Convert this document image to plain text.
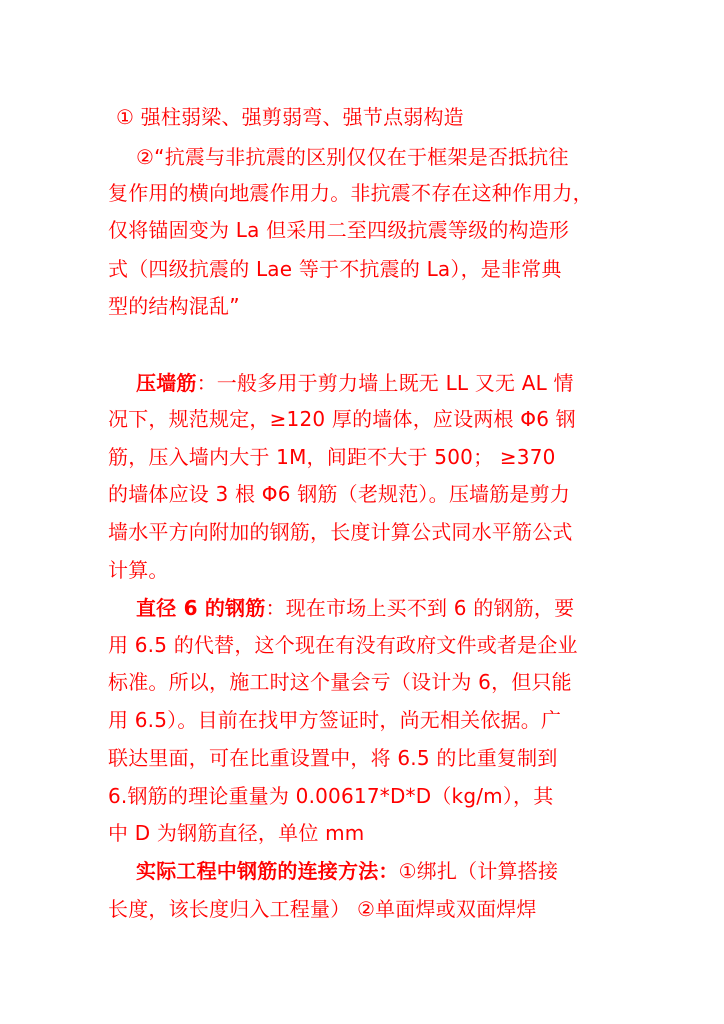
① 强柱弱梁、强剪弱弯、强节点弱构造
②“抗震与非抗震的区别仅仅在于框架是否抵抗往
复作用的横向地震作用力。非抗震不存在这种作用力，
仅将锚固变为 La 但采用二至四级抗震等级的构造形
式（四级抗震的 Lae 等于不抗震的 La），是非常典
型的结构混乱”
压墙筋：一般多用于剪力墙上既无 LL 又无 AL 情
况下，规范规定，≥120 厚的墙体，应设两根 Φ6 钢
筋，压入墙内大于 1M，间距不大于 500； ≥370
的墙体应设 3 根 Φ6 钢筋（老规范）。压墙筋是剪力
墙水平方向附加的钢筋，长度计算公式同水平筋公式
计算。
直径 6 的钢筋：现在市场上买不到 6 的钢筋，要
用 6.5 的代替，这个现在有没有政府文件或者是企业
标准。所以，施工时这个量会亏（设计为 6，但只能
用 6.5）。目前在找甲方签证时，尚无相关依据。广
联达里面，可在比重设置中，将 6.5 的比重复制到
6.钢筋的理论重量为 0.00617*D*D（kg/m），其
中 D 为钢筋直径，单位 mm
实际工程中钢筋的连接方法：①绑扎（计算搭接
长度，该长度归入工程量） ②单面焊或双面焊焊
